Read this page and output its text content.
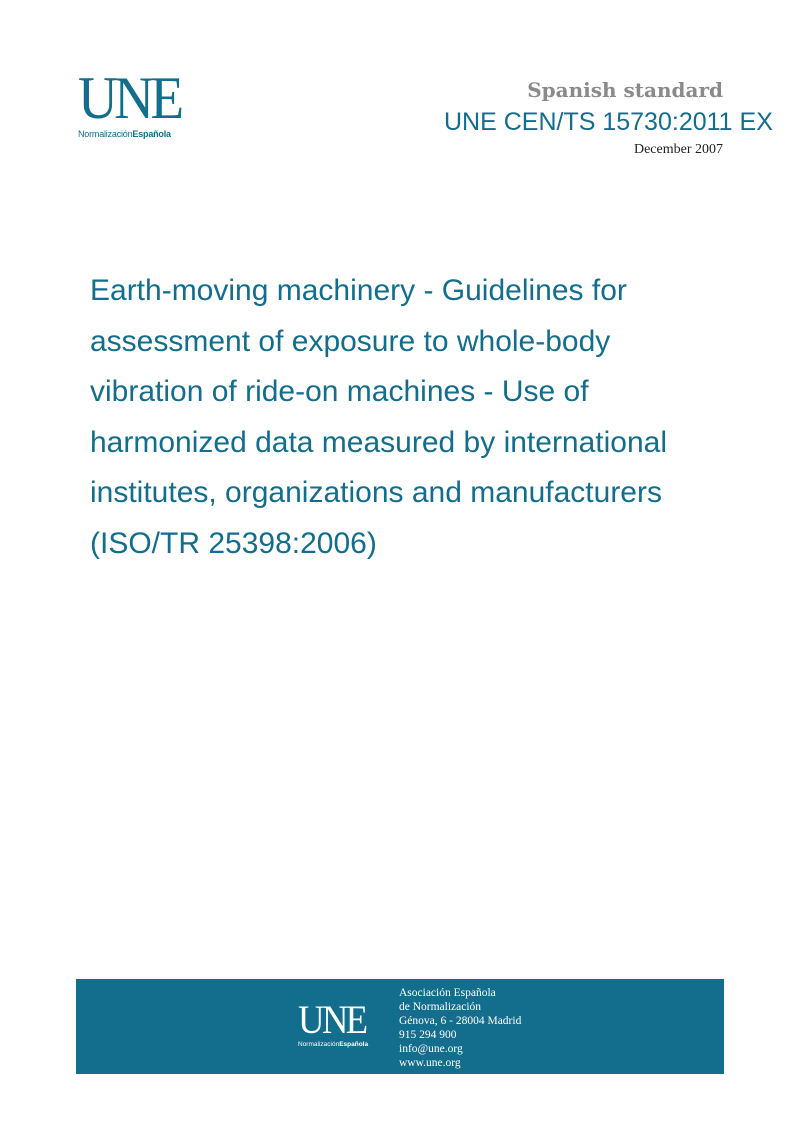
UNE
NormalizaciónEspañola
Spanish standard
UNE CEN/TS 15730:2011 EX
December 2007
Earth-moving machinery - Guidelines for
assessment of exposure to whole-body
vibration of ride-on machines - Use of
harmonized data measured by international
institutes, organizations and manufacturers
(ISO/TR 25398:2006)
UNE
NormalizaciónEspañola
Asociación Española
de Normalización
Génova, 6 - 28004 Madrid
915 294 900
info@une.org
www.une.org
